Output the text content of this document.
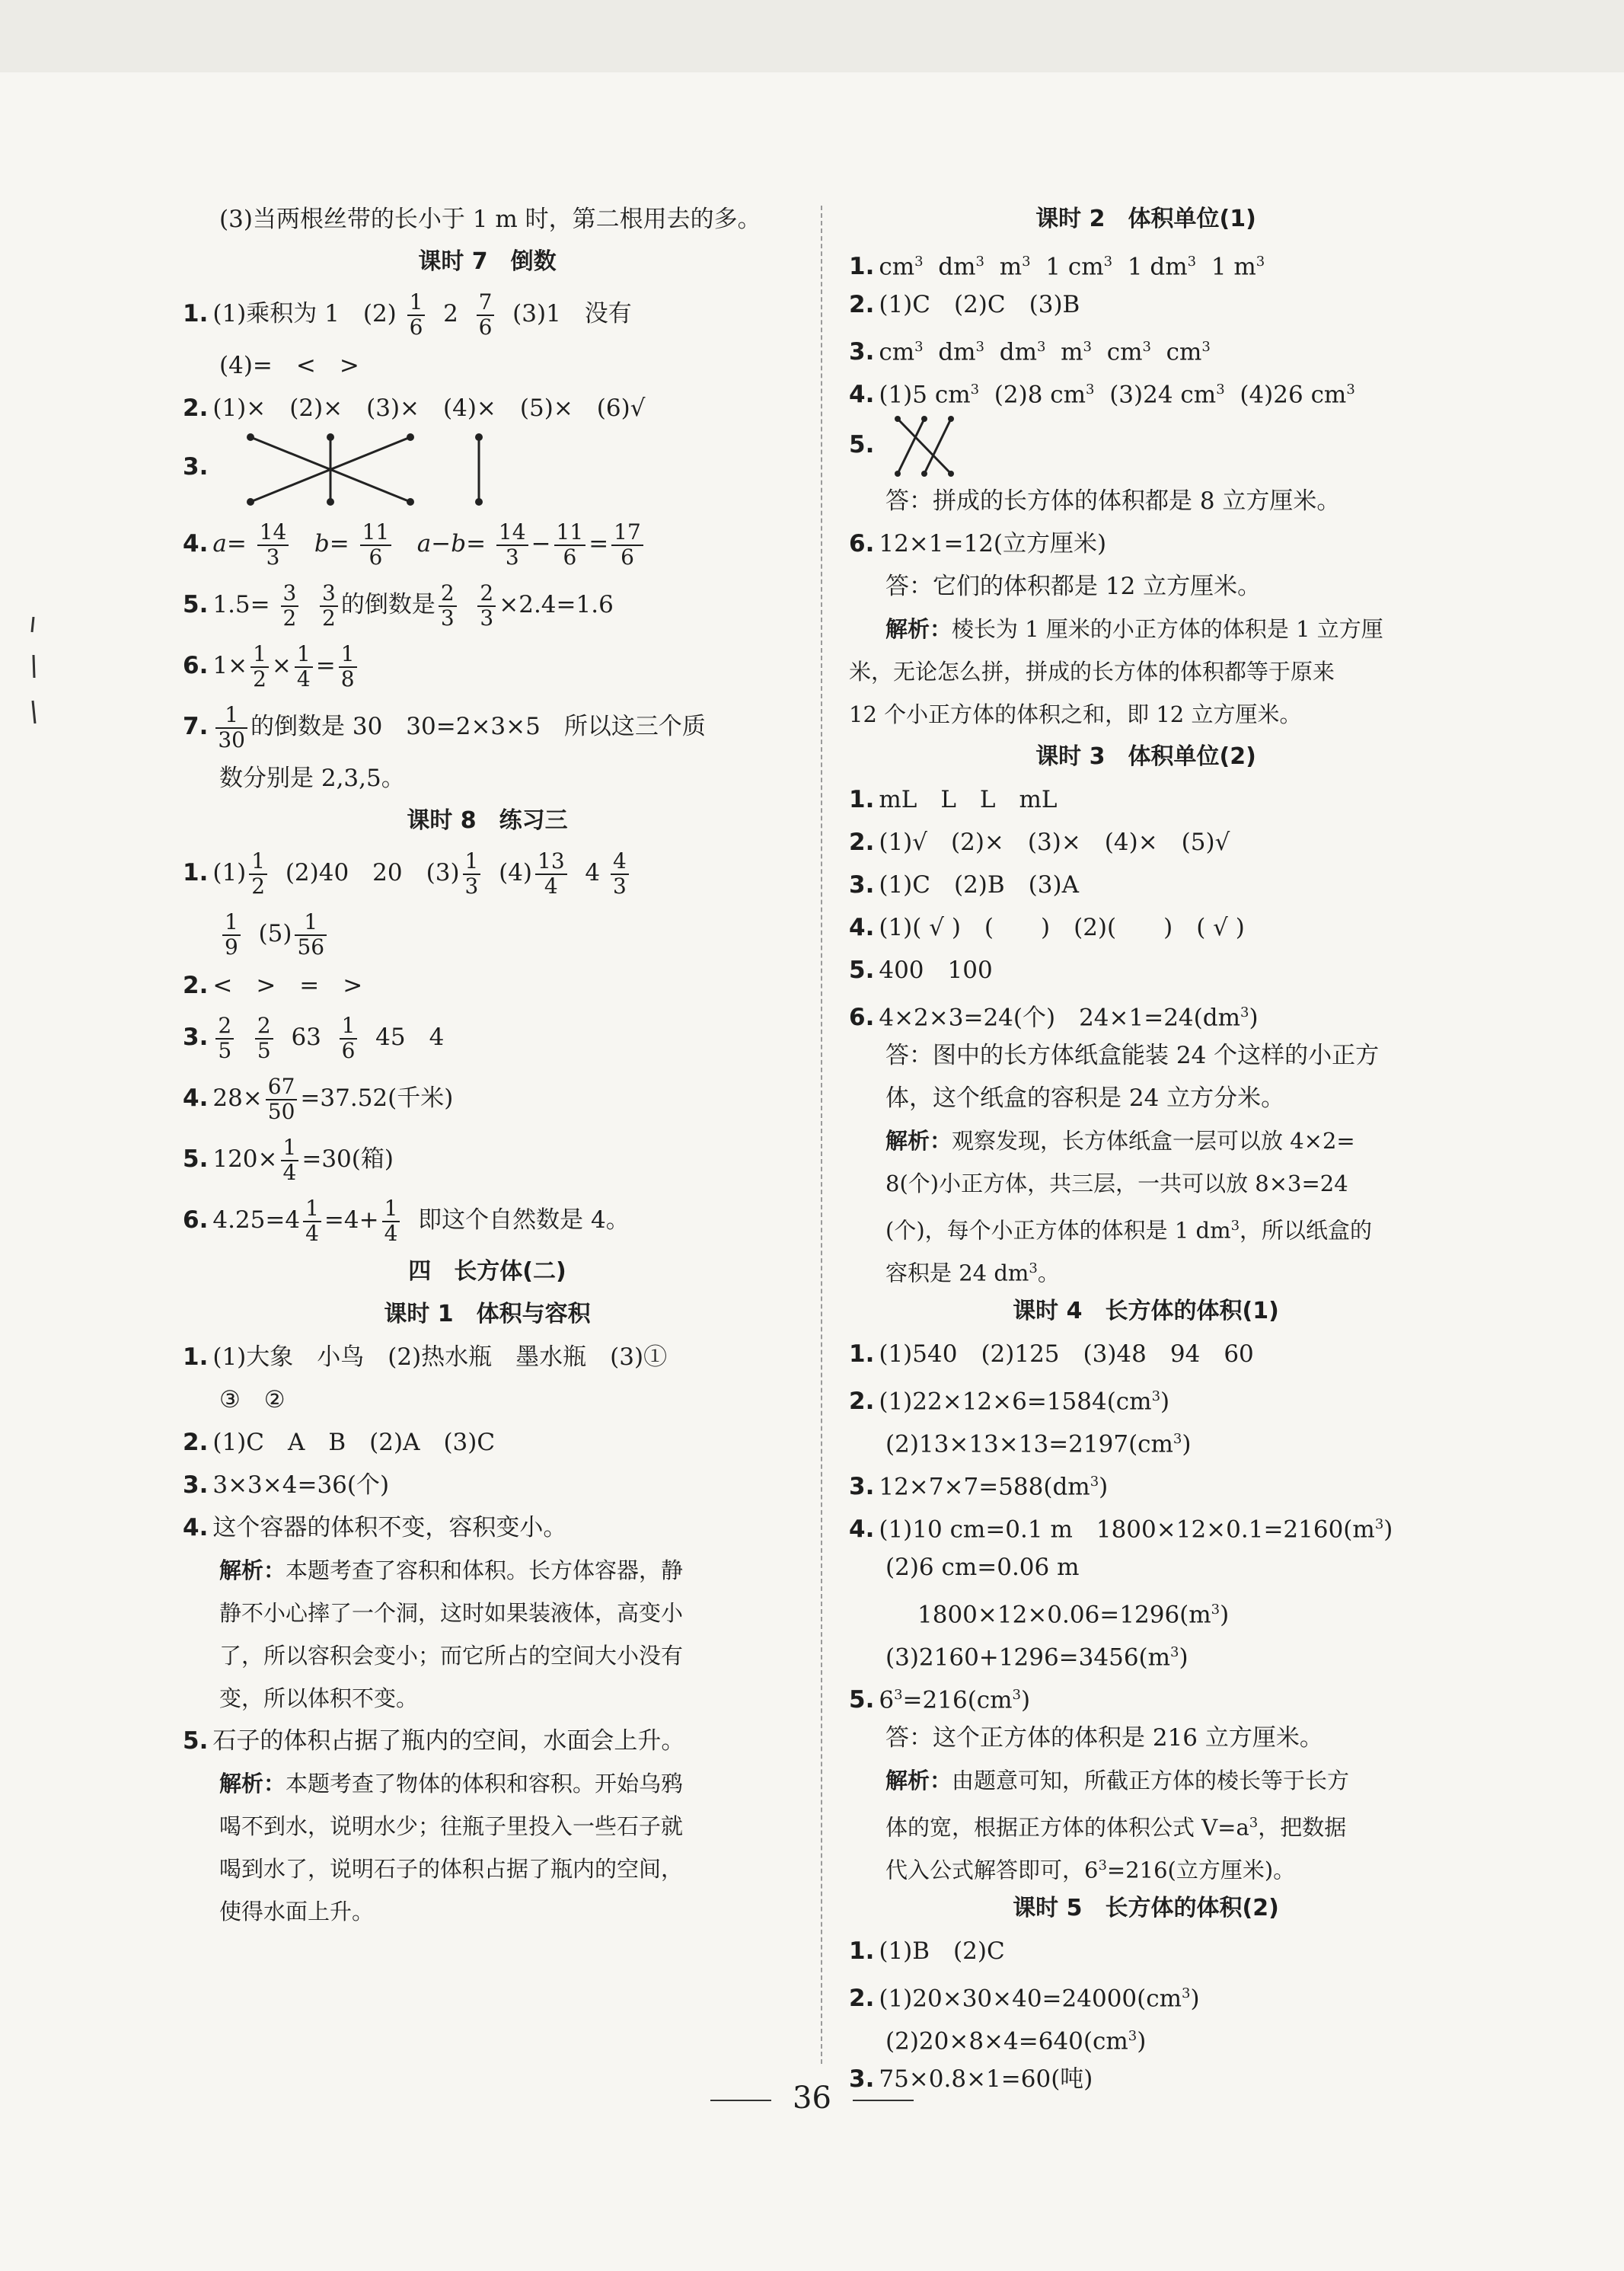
(3)当两根丝带的长小于 1 m 时，第二根用去的多。
课时 7　倒数
1. (1)乘积为 1　$(2) \frac{1}{6} 2 \frac{7}{6} (3)1$　没有
(4)=　<　>
2. (1)×　(2)×　(3)×　(4)×　(5)×　(6)√
3.
4. $a= \frac{14}{3} b= \frac{11}{6} a-b= \frac{14}{3} - \frac{11}{6} = \frac{17}{6}$
5. $1.5= \frac{3}{2}$
$\frac{3}{2}$ 的倒数是 $\frac{2}{3}$
$\frac{2}{3} \times 2.4=1.6$
6. $1\times \frac{1}{2} \times \frac{1}{4} = \frac{1}{8}$
7. $\frac{1}{30}$ 的倒数是 30　30=2×3×5　所以这三个质
数分别是 2,3,5。
课时 8　练习三
1. $(1) \frac{1}{2} (2)40$　20　$(3) \frac{1}{3} (4) \frac{13}{4} 4 \frac{4}{3}$
$\frac{1}{9} (5) \frac{1}{56}$
2. <　>　=　>
3. $\frac{2}{5}$
$\frac{2}{5} 63 \frac{1}{6} 45$　4
4. $28\times \frac{67}{50} =37.52$(千米)
5. $120\times \frac{1}{4} =30$(箱)
6. $4.25=4 \frac{1}{4} =4+ \frac{1}{4}$ 即这个自然数是 4。
四　长方体(二)
课时 1　体积与容积
1. (1)大象　小鸟　(2)热水瓶　墨水瓶　(3)①
③　②
2. (1)C　A　B　(2)A　(3)C
3. 3×3×4=36(个)
4. 这个容器的体积不变，容积变小。
解析：本题考查了容积和体积。长方体容器，静
静不小心摔了一个洞，这时如果装液体，高变小
了，所以容积会变小；而它所占的空间大小没有
变，所以体积不变。
5. 石子的体积占据了瓶内的空间，水面会上升。
解析：本题考查了物体的体积和容积。开始乌鸦
喝不到水，说明水少；往瓶子里投入一些石子就
喝到水了，说明石子的体积占据了瓶内的空间，
使得水面上升。
课时 2　体积单位(1)
1. $cm^3$ $dm^3$ $m^3$ 1 $cm^3$ 1 $dm^3$ 1 $m^3$
2. (1)C　(2)C　(3)B
3. $cm^3$ $dm^3$ $dm^3$ $m^3$ $cm^3$ $cm^3$
4. (1)5 $cm^3$ (2)8 $cm^3$ (3)24 $cm^3$ (4)26 $cm^3$
5.
答：拼成的长方体的体积都是 8 立方厘米。
6. 12×1=12(立方厘米)
答：它们的体积都是 12 立方厘米。
解析：棱长为 1 厘米的小正方体的体积是 1 立方厘
米，无论怎么拼，拼成的长方体的体积都等于原来
12 个小正方体的体积之和，即 12 立方厘米。
课时 3　体积单位(2)
1. mL　L　L　mL
2. (1)√　(2)×　(3)×　(4)×　(5)√
3. (1)C　(2)B　(3)A
4. (1)( √ )　(　　)　(2)(　　)　( √ )
5. 400　100
6. 4×2×3=24(个)　$24\times 1=24(dm^3)$
答：图中的长方体纸盒能装 24 个这样的小正方
体，这个纸盒的容积是 24 立方分米。
解析：观察发现，长方体纸盒一层可以放 4×2=
8(个)小正方体，共三层，一共可以放 8×3=24
(个)，每个小正方体的体积是 1 $dm^3$，所以纸盒的
容积是 24 $dm^3$。
课时 4　长方体的体积(1)
1. (1)540　(2)125　(3)48　94　60
2. $(1)22\times 12\times 6=1584(cm^3)$
$(2)13\times 13\times 13=2197(cm^3)$
3. $12\times 7\times 7=588(dm^3)$
4. (1)10 cm=0.1 m　$1800\times 12\times 0.1=2160(m^3)$
(2)6 cm=0.06 m
$1800\times 12\times 0.06=1296(m^3)$
$(3)2160+1296=3456(m^3)$
5. $6^3=216(cm^3)$
答：这个正方体的体积是 216 立方厘米。
解析：由题意可知，所截正方体的棱长等于长方
体的宽，根据正方体的体积公式 $V=a^3$，把数据
代入公式解答即可，$6^3=216$(立方厘米)。
课时 5　长方体的体积(2)
1. (1)B　(2)C
2. $(1)20\times 30\times 40=24000(cm^3)$
$(2)20\times 8\times 4=640(cm^3)$
3. 75×0.8×1=60(吨)
36
